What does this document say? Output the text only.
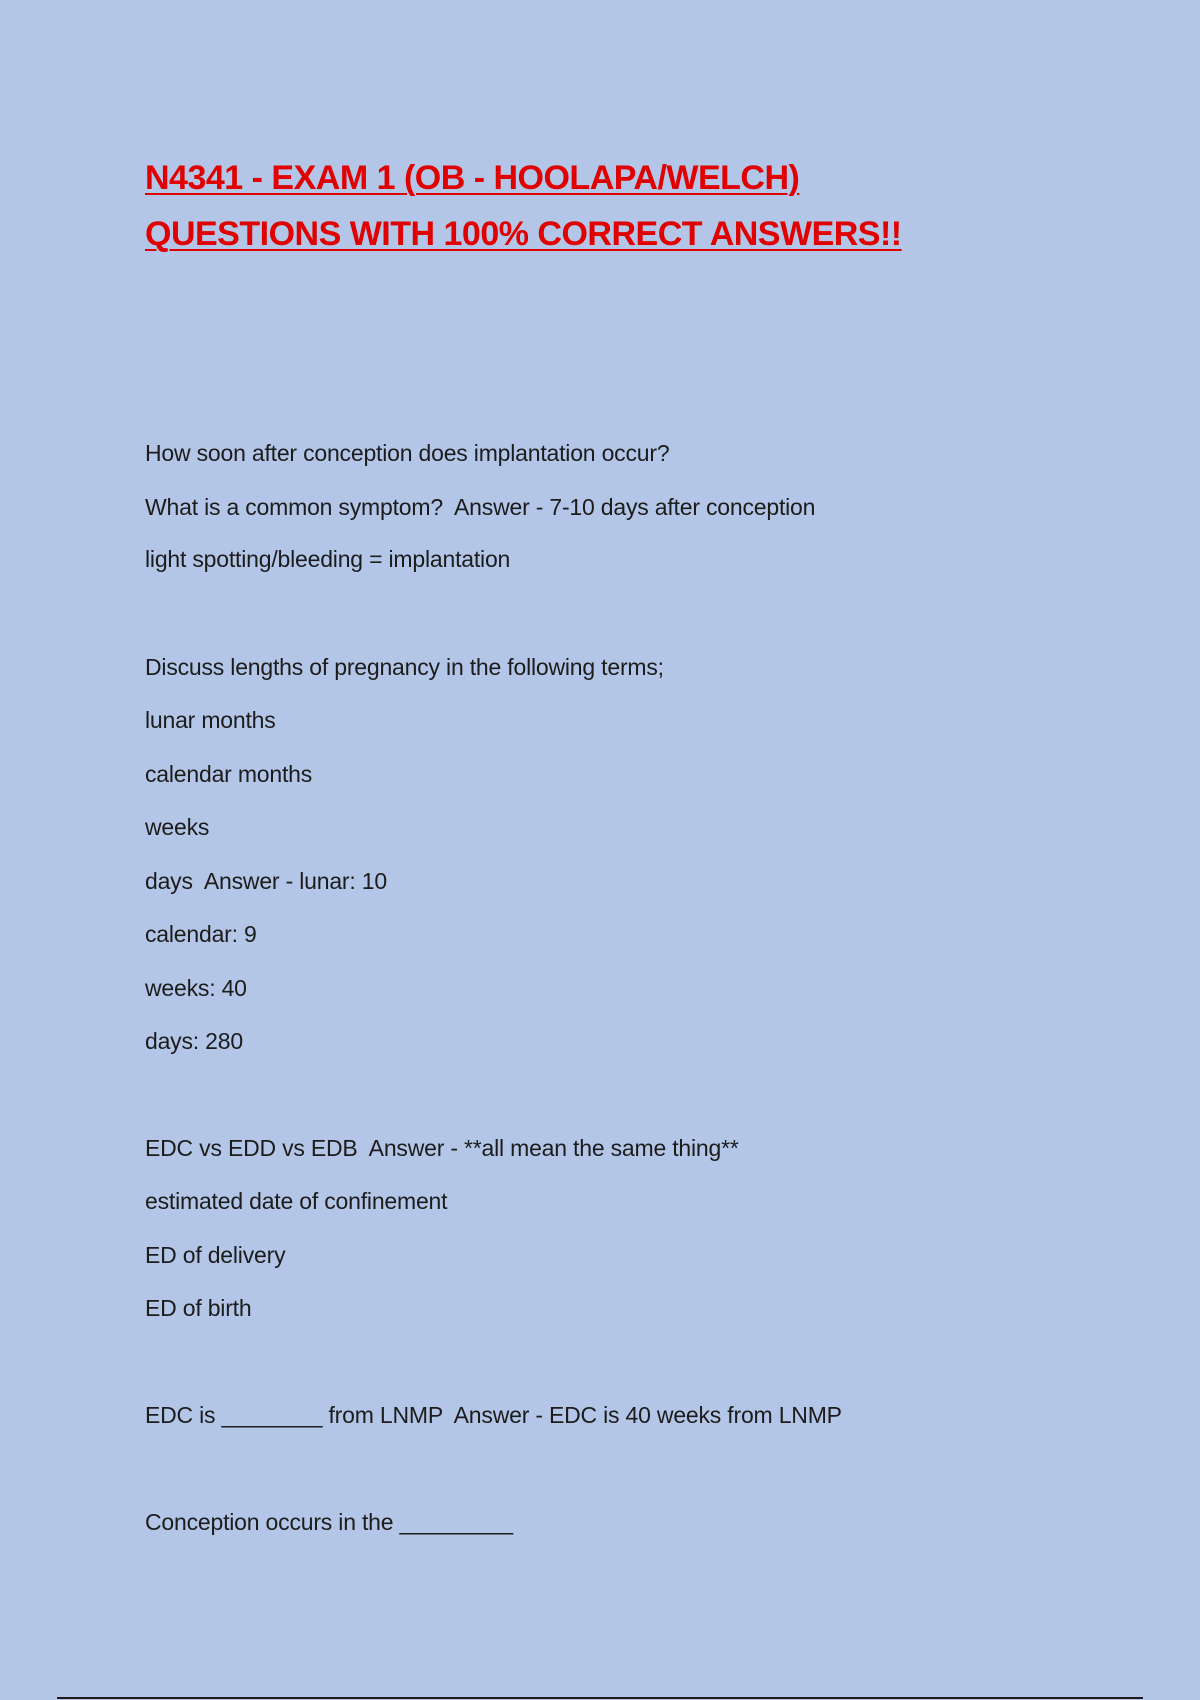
N4341 - EXAM 1 (OB - HOOLAPA/WELCH)
QUESTIONS WITH 100% CORRECT ANSWERS!!
How soon after conception does implantation occur?
What is a common symptom?  Answer - 7-10 days after conception
light spotting/bleeding = implantation
Discuss lengths of pregnancy in the following terms;
lunar months
calendar months
weeks
days  Answer - lunar: 10
calendar: 9
weeks: 40
days: 280
EDC vs EDD vs EDB  Answer - **all mean the same thing**
estimated date of confinement
ED of delivery
ED of birth
EDC is ________ from LNMP  Answer - EDC is 40 weeks from LNMP
Conception occurs in the _________
